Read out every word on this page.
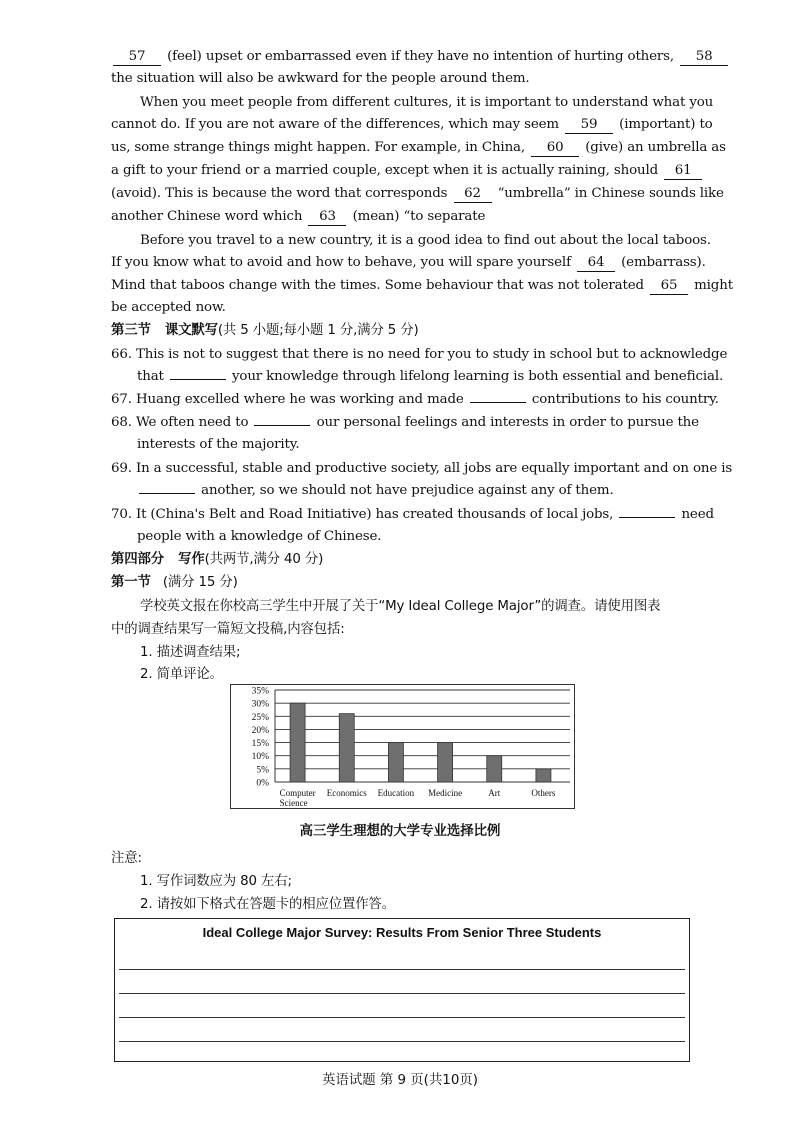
57 (feel) upset or embarrassed even if they have no intention of hurting others, 58
the situation will also be awkward for the people around them.
When you meet people from different cultures, it is important to understand what you
cannot do. If you are not aware of the differences, which may seem 59 (important) to
us, some strange things might happen. For example, in China, 60 (give) an umbrella as
a gift to your friend or a married couple, except when it is actually raining, should 61
(avoid). This is because the word that corresponds 62 “umbrella” in Chinese sounds like
another Chinese word which 63 (mean) “to separate
Before you travel to a new country, it is a good idea to find out about the local taboos.
If you know what to avoid and how to behave, you will spare yourself 64 (embarrass).
Mind that taboos change with the times. Some behaviour that was not tolerated 65 might
be accepted now.
第三节 课文默写(共 5 小题;每小题 1 分,满分 5 分)
66. This is not to suggest that there is no need for you to study in school but to acknowledge
that	your knowledge through lifelong learning is both essential and beneficial.
67. Huang excelled where he was working and made	contributions to his country.
68. We often need to	our personal feelings and interests in order to pursue the
interests of the majority.
69. In a successful, stable and productive society, all jobs are equally important and on one is
another, so we should not have prejudice against any of them.
70. It (China's Belt and Road Initiative) has created thousands of local jobs,	need
people with a knowledge of Chinese.
第四部分 写作(共两节,满分 40 分)
第一节 (满分 15 分)
学校英文报在你校高三学生中开展了关于“My Ideal College Major”的调查。请使用图表
中的调查结果写一篇短文投稿,内容包括:
1. 描述调查结果;
2. 简单评论。
0%
5%
10%
15%
20%
25%
30%
35%
Computer Science
Economics Education Medicine	Art	Others
高三学生理想的大学专业选择比例
注意:
1. 写作词数应为 80 左右;
2. 请按如下格式在答题卡的相应位置作答。
Ideal College Major Survey: Results From Senior Three Students
英语试题 第 9 页(共10页)
